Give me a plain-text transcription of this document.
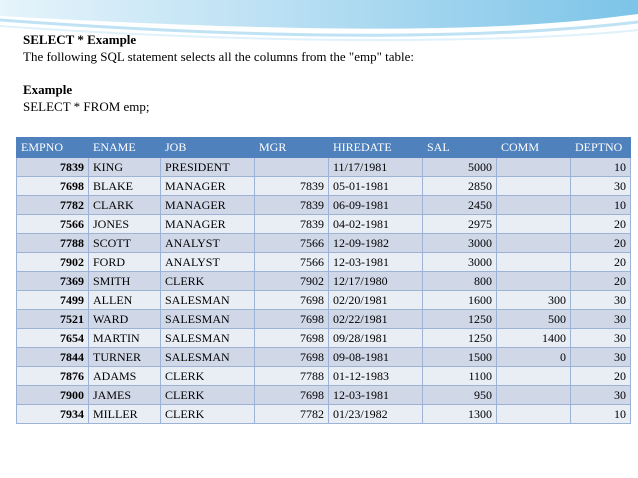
SELECT * Example
The following SQL statement selects all the columns from the "emp" table:
Example
SELECT * FROM emp;
EMPNO	ENAME	JOB	MGR	HIREDATE	SAL	COMM	DEPTNO
7839	KING	PRESIDENT		11/17/1981	5000		10
7698	BLAKE	MANAGER	7839	05-01-1981	2850		30
7782	CLARK	MANAGER	7839	06-09-1981	2450		10
7566	JONES	MANAGER	7839	04-02-1981	2975		20
7788	SCOTT	ANALYST	7566	12-09-1982	3000		20
7902	FORD	ANALYST	7566	12-03-1981	3000		20
7369	SMITH	CLERK	7902	12/17/1980	800		20
7499	ALLEN	SALESMAN	7698	02/20/1981	1600	300	30
7521	WARD	SALESMAN	7698	02/22/1981	1250	500	30
7654	MARTIN	SALESMAN	7698	09/28/1981	1250	1400	30
7844	TURNER	SALESMAN	7698	09-08-1981	1500	0	30
7876	ADAMS	CLERK	7788	01-12-1983	1100		20
7900	JAMES	CLERK	7698	12-03-1981	950		30
7934	MILLER	CLERK	7782	01/23/1982	1300		10
